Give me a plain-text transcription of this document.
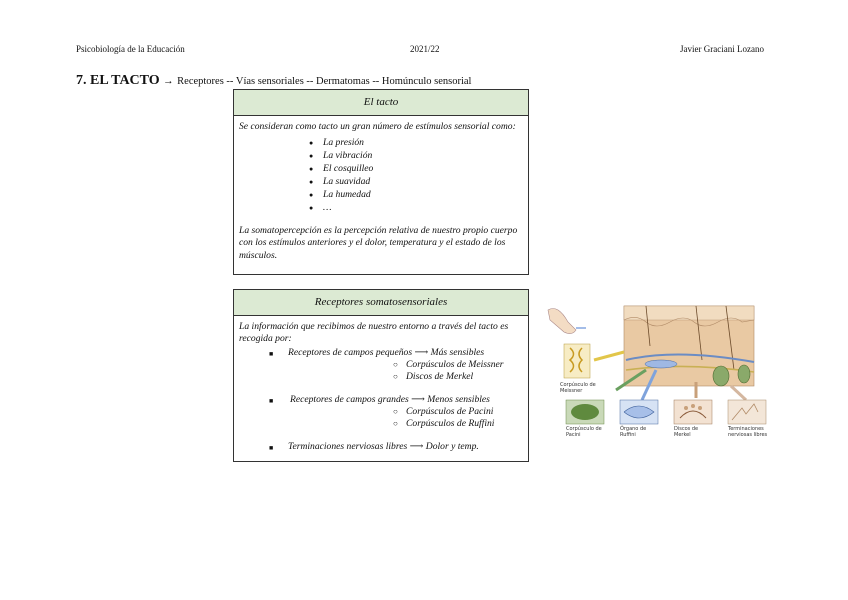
Psicobiología de la Educación	2021/22	Javier Graciani Lozano
7. EL TACTO → Receptores -- Vías sensoriales -- Dermatomas -- Homúnculo sensorial
El tacto
Se consideran como tacto un gran número de estímulos sensorial como:
● La presión
● La vibración
● El cosquilleo
● La suavidad
● La humedad
● …
La somatopercepción es la percepción relativa de nuestro propio cuerpo con los estímulos anteriores y el dolor, temperatura y el estado de los músculos.
Receptores somatosensoriales
La información que recibimos de nuestro entorno a través del tacto es recogida por:
■ Receptores de campos pequeños ⟶ Más sensibles
○ Corpúsculos de Meissner
○ Discos de Merkel
■ Receptores de campos grandes ⟶ Menos sensibles
○ Corpúsculos de Pacini
○ Corpúsculos de Ruffini
■ Terminaciones nerviosas libres ⟶ Dolor y temp.
Corpúsculo de Meissner
Corpúsculo de Pacini
Órgano de Ruffini
Discos de Merkel
Terminaciones nerviosas libres
